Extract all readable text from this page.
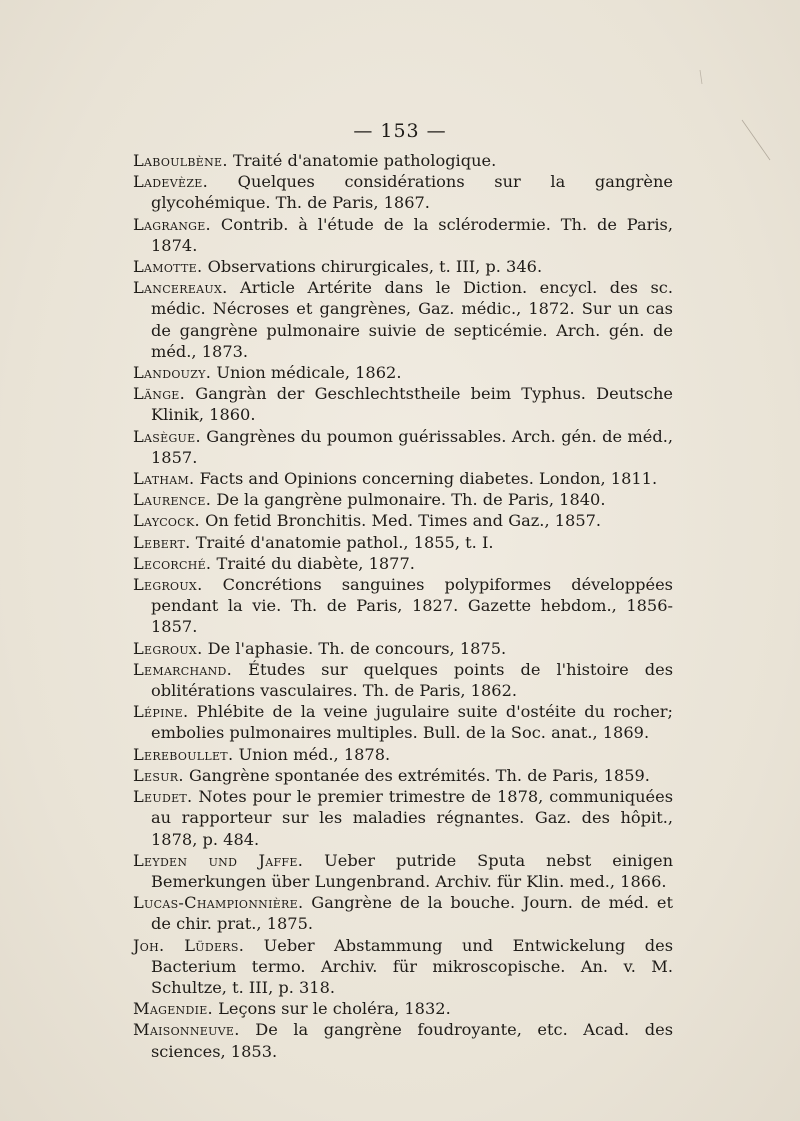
— 153 —
Laboulbène. Traité d'anatomie pathologique.
Ladevèze. Quelques considérations sur la gangrène glycohémique. Th. de Paris, 1867.
Lagrange. Contrib. à l'étude de la sclérodermie. Th. de Paris, 1874.
Lamotte. Observations chirurgicales, t. III, p. 346.
Lancereaux. Article Artérite dans le Diction. encycl. des sc. médic. Nécroses et gangrènes, Gaz. médic., 1872. Sur un cas de gangrène pulmonaire suivie de septicémie. Arch. gén. de méd., 1873.
Landouzy. Union médicale, 1862.
Länge. Gangràn der Geschlechtstheile beim Typhus. Deutsche Klinik, 1860.
Lasègue. Gangrènes du poumon guérissables. Arch. gén. de méd., 1857.
Latham. Facts and Opinions concerning diabetes. London, 1811.
Laurence. De la gangrène pulmonaire. Th. de Paris, 1840.
Laycock. On fetid Bronchitis. Med. Times and Gaz., 1857.
Lebert. Traité d'anatomie pathol., 1855, t. I.
Lecorché. Traité du diabète, 1877.
Legroux. Concrétions sanguines polypiformes développées pendant la vie. Th. de Paris, 1827. Gazette hebdom., 1856-1857.
Legroux. De l'aphasie. Th. de concours, 1875.
Lemarchand. Études sur quelques points de l'histoire des oblitérations vasculaires. Th. de Paris, 1862.
Lépine. Phlébite de la veine jugulaire suite d'ostéite du rocher; embolies pulmonaires multiples. Bull. de la Soc. anat., 1869.
Lereboullet. Union méd., 1878.
Lesur. Gangrène spontanée des extrémités. Th. de Paris, 1859.
Leudet. Notes pour le premier trimestre de 1878, communiquées au rapporteur sur les maladies régnantes. Gaz. des hôpit., 1878, p. 484.
Leyden und Jaffe. Ueber putride Sputa nebst einigen Bemerkungen über Lungenbrand. Archiv. für Klin. med., 1866.
Lucas-Championnière. Gangrène de la bouche. Journ. de méd. et de chir. prat., 1875.
Joh. Lüders. Ueber Abstammung und Entwickelung des Bacterium termo. Archiv. für mikroscopische. An. v. M. Schultze, t. III, p. 318.
Magendie. Leçons sur le choléra, 1832.
Maisonneuve. De la gangrène foudroyante, etc. Acad. des sciences, 1853.
